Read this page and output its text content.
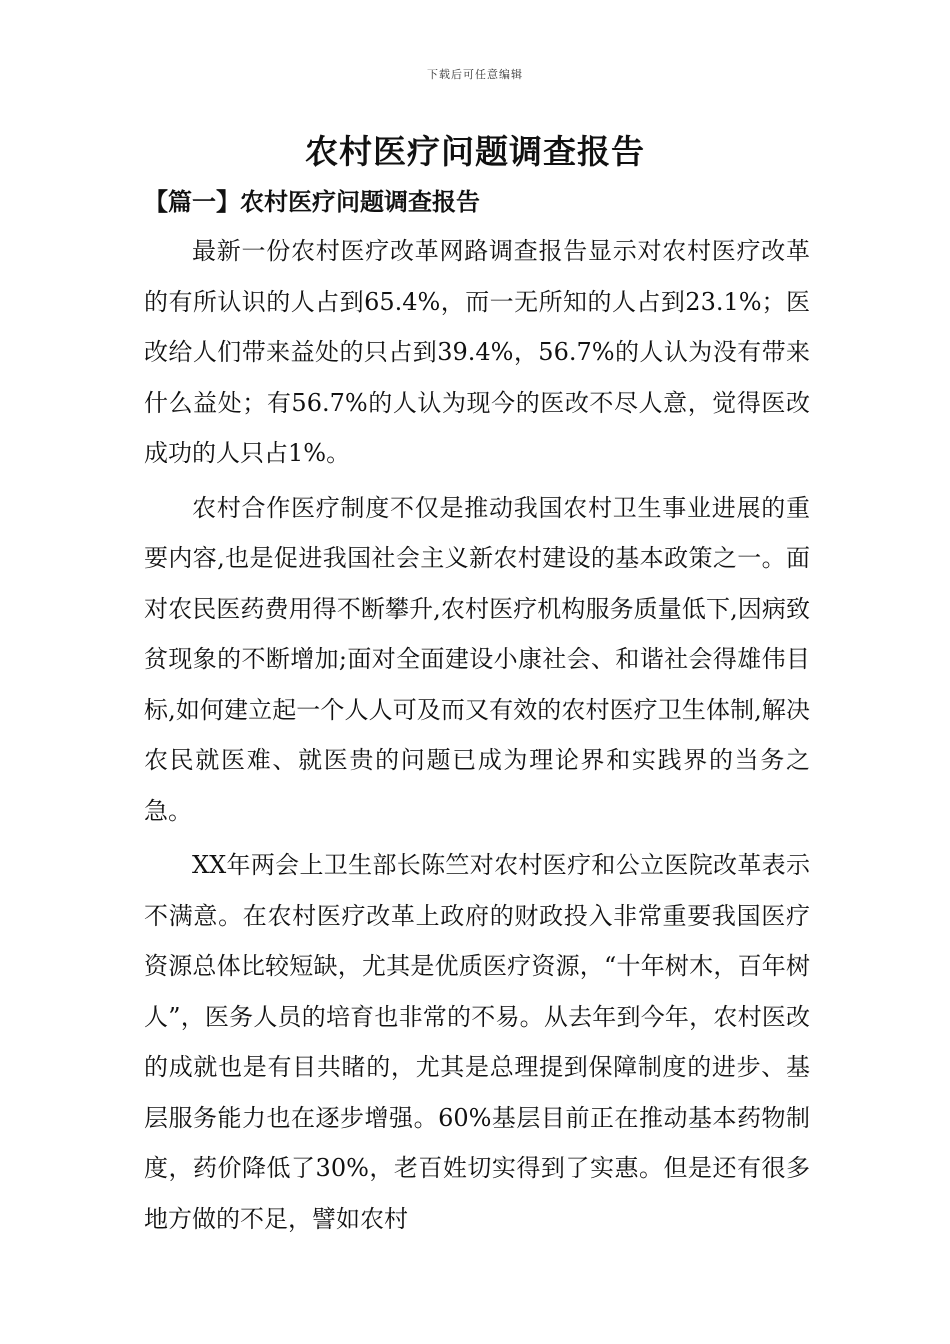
下载后可任意编辑
农村医疗问题调查报告
【篇一】农村医疗问题调查报告

最新一份农村医疗改革网路调查报告显示对农村医疗改革的有所认识的人占到65.4%，而一无所知的人占到23.1%；医改给人们带来益处的只占到39.4%，56.7%的人认为没有带来什么益处；有56.7%的人认为现今的医改不尽人意，觉得医改成功的人只占1%。

农村合作医疗制度不仅是推动我国农村卫生事业进展的重要内容,也是促进我国社会主义新农村建设的基本政策之一。面对农民医药费用得不断攀升,农村医疗机构服务质量低下,因病致贫现象的不断增加;面对全面建设小康社会、和谐社会得雄伟目标,如何建立起一个人人可及而又有效的农村医疗卫生体制,解决农民就医难、就医贵的问题已成为理论界和实践界的当务之急。

XX年两会上卫生部长陈竺对农村医疗和公立医院改革表示不满意。在农村医疗改革上政府的财政投入非常重要我国医疗资源总体比较短缺，尤其是优质医疗资源，“十年树木，百年树人”，医务人员的培育也非常的不易。从去年到今年，农村医改的成就也是有目共睹的，尤其是总理提到保障制度的进步、基层服务能力也在逐步增强。60%基层目前正在推动基本药物制度，药价降低了30%，老百姓切实得到了实惠。但是还有很多地方做的不足，譬如农村
